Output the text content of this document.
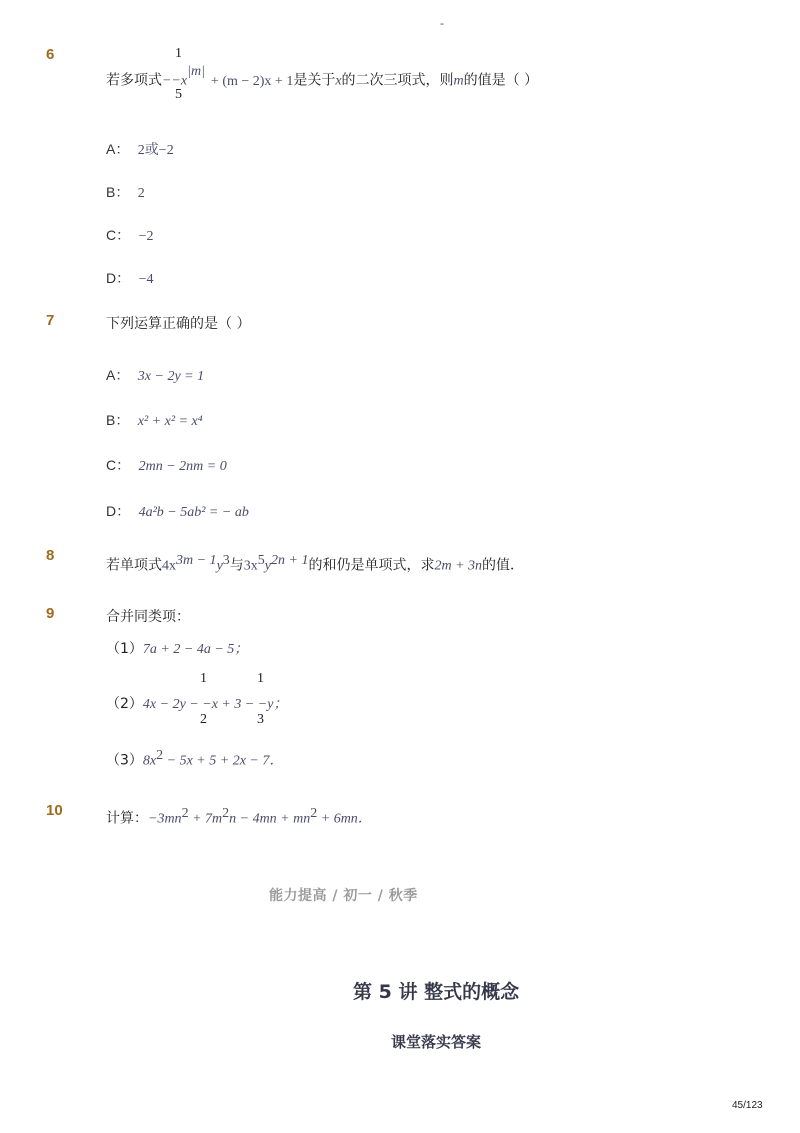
-
6	1
5
若多项式$--x^{|m|}+ (m - 2)x + 1$是关于x的二次三项式，则m的值是（ ）
A： 2或−2
B： 2
C： −2
D： −4
7	下列运算正确的是（ ）
A： 3x − 2y = 1
B： x² + x² = x⁴
C： 2mn − 2nm = 0
D： 4a²b − 5ab² = − ab
8
若单项式$4x^{3m - 1}y^3$与$3x^5y^{2n + 1}$的和仍是单项式，求2m + 3n的值．
9	合并同类项：
（1）7a + 2 − 4a − 5；
1
2
1
3
（2）4x − 2y − −x + 3 − −y；
$(3)8x^2 - 5x + 5 + 2x - 7$．
10	计算：$-3mn^2 + 7m^2n - 4mn + mn^2 + 6mn$．
能力提高 / 初一 / 秋季
第 5 讲 整式的概念
课堂落实答案
45/123
